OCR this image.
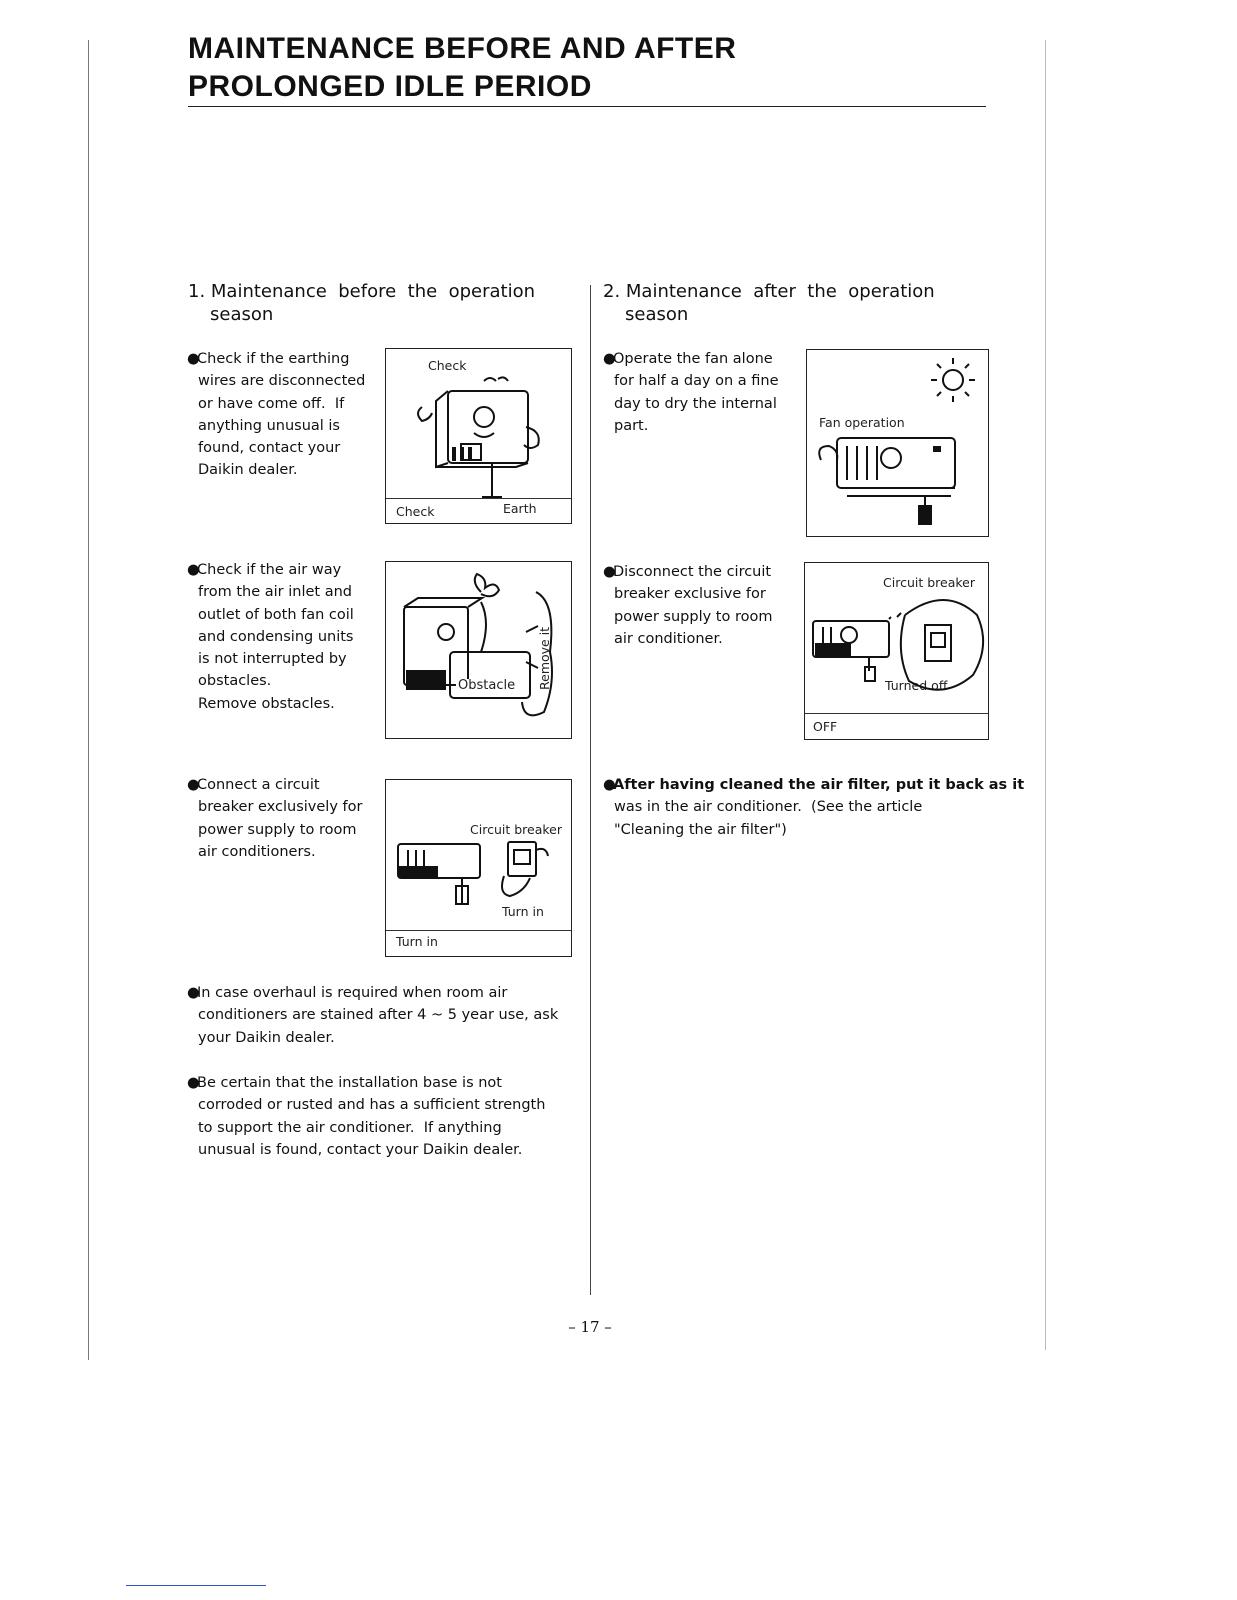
MAINTENANCE BEFORE AND AFTER
PROLONGED IDLE PERIOD
1. Maintenance  before  the  operation
season
●Check if the earthing
wires are disconnected
or have come off.  If
anything unusual is
found, contact your
Daikin dealer.
●Check if the air way
from the air inlet and
outlet of both fan coil
and condensing units
is not interrupted by
obstacles.
Remove obstacles.
●Connect a circuit
breaker exclusively for
power supply to room
air conditioners.
●In case overhaul is required when room air
conditioners are stained after 4 ~ 5 year use, ask
your Daikin dealer.
●Be certain that the installation base is not
corroded or rusted and has a sufficient strength
to support the air conditioner.  If anything
unusual is found, contact your Daikin dealer.
Check
Check	Earth
Obstacle Remove it
Circuit breaker
Turn in
Turn in
2. Maintenance  after  the  operation
season
●Operate the fan alone
for half a day on a fine
day to dry the internal
part.
●Disconnect the circuit
breaker exclusive for
power supply to room
air conditioner.
●After having cleaned the air filter, put it back as it
was in the air conditioner.  (See the article
"Cleaning the air filter")
Fan operation
Circuit breaker
Turned off
OFF
– 17 –
